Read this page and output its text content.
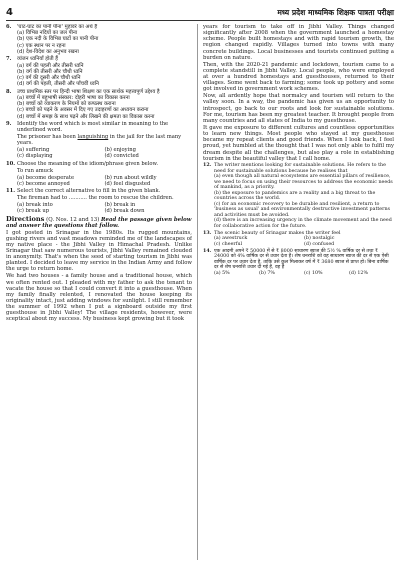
4	मध्य प्रदेश माध्यमिक शिक्षक पात्रता परीक्षा
6.	'घाट-घाट का पानी पीना' मुहावरे का अर्थ है
(a) विभिन्न नदियों का जल पीना
(b) एक नदी के विभिन्न घाटों का पानी पीना
(c) एक स्थान पर न रहना
(d) देश-विदेश का अनुभव रखना
7.	व्यंजन ध्वनियाँ होती हैं
(a) वर्ग की पहली और तीसरी ध्वनि
(b) वर्ग की तीसरी और चौथी ध्वनि
(c) वर्ग की दूसरी और चौथी ध्वनि
(d) वर्ग की पहली, तीसरी और पाँचवीं ध्वनि
8.	उच्च प्राथमिक स्तर पर हिन्दी भाषा शिक्षण का एक सार्थक महत्त्वपूर्ण उद्देश्य है
(a) बच्चों में बहुभाषी संस्कार: दोहरी भाषा का विकास करना
(b) बच्चों को व्याकरण के नियमों को कण्ठस्थ कराना
(c) बच्चों को पढ़ने के अवसर में दिए गए उदाहरणों का अध्ययन कराना
(d) बच्चों में समझ के साथ पढ़ने और लिखने की क्षमता का विकास करना
9.	Identify the word which is most similar in meaning to the underlined word.
The prisoner has been languishing in the jail for the last many years.
(a) suffering	(b) enjoying
(c) displaying	(d) convicted
10. Choose the meaning of the idiom/phrase given below.
To run amuck
(a) become desperate	(b) run about wildly
(c) become annoyed	(d) feel disgusted
11. Select the correct alternative to fill in the given blank.
The fireman had to ........... the room to rescue the children.
(a) break into	(b) break in
(c) break up	(d) break down
Directions (Q. Nos. 12 and 13) Read the passage given below and answer the questions that follow.

I got posted in Srinagar in the 1980s. Its rugged mountains, gushing rivers and vast meadows reminded me of the landscapes of my native place - the Jibhi Valley in Himachal Pradesh. Unlike Srinagar that saw numerous tourists, Jibhi Valley remained clouded in anonymity. That's when the seed of starting tourism in Jibhi was planted. I decided to leave my service in the Indian Army and follow the urge to return home.

We had two houses - a family house and a traditional house, which we often rented out. I pleaded with my father to ask the tenant to vacate the house so that I could convert it into a guesthouse. When my family finally relented, I renovated the house keeping its originality intact, just adding windows for sunlight. I still remember the summer of 1992 when I put a signboard outside my first guesthouse in Jibhi Valley! The village residents, however, were sceptical about my success. My business kept growing but it took

years for tourism to take off in Jibhi Valley. Things changed significantly after 2008 when the government launched a homestay scheme. People built homestays and with rapid tourism growth, the region changed rapidly. Villages turned into towns with many concrete buildings. Local businesses and tourists continued putting a burden on nature.

Then, with the 2020-21 pandemic and lockdown, tourism came to a complete standstill in Jibhi Valley. Local people, who were employed at over a hundred homestays and guesthouses, returned to their villages. Some went back to farming; some took up pottery and some got involved in government work schemes.

Now, all ardently hope that normalcy and tourism will return to the valley soon. In a way, the pandemic has given us an opportunity to introspect, go back to our roots and look for sustainable solutions. For me, tourism has been my greatest teacher. It brought people from many countries and all states of India to my guesthouse.

It gave me exposure to different cultures and countless opportunities to learn new things. Most people who stayed at my guesthouse became my repeat clients and good friends. When I look back, I feel proud, yet humbled at the thought that I was not only able to fulfil my dream despite all the challenges, but also play a role in establishing tourism in the beautiful valley that I call home.

12. The writer mentions looking for sustainable solutions. He refers to the need for sustainable solutions because he realises that
(a) even though all natural ecosystems are essential pillars of resilience, we need to focus on using their resources to address the economic needs of mankind, as a priority.
(b) the exposure to pandemics are a reality and a big threat to the countries across the world.
(c) for an economic recovery to be durable and resilient, a return to 'business as usual' and environmentally destructive investment patterns and activities must be avoided.
(d) there is an increasing urgency in the climate movement and the need for collaborative action for the future.
13. The scenic beauty of Srinagar makes the writer feel
(a) awestruck	(b) nostalgic
(c) cheerful	(d) confused
14. एक आदमी अपने ₹ 50000 में से ₹ 8000 साधारण ब्याज की 5½ % वार्षिक दर से तथा ₹ 24000 को 4% वार्षिक दर से उधार देता है। शेष धनराशि को वह साधारण ब्याज की दर से एक ऐसी वार्षिक दर पर उधार देता है, ताकि उसे कुल मिलाकर वर्ष में ₹ 3680 ब्याज से प्राप्त हो। बिना वार्षिक दर से शेष धनराशि उधार दी गई है, वह है
(a) 5%	(b) 7%	(c) 10%	(d) 12%
